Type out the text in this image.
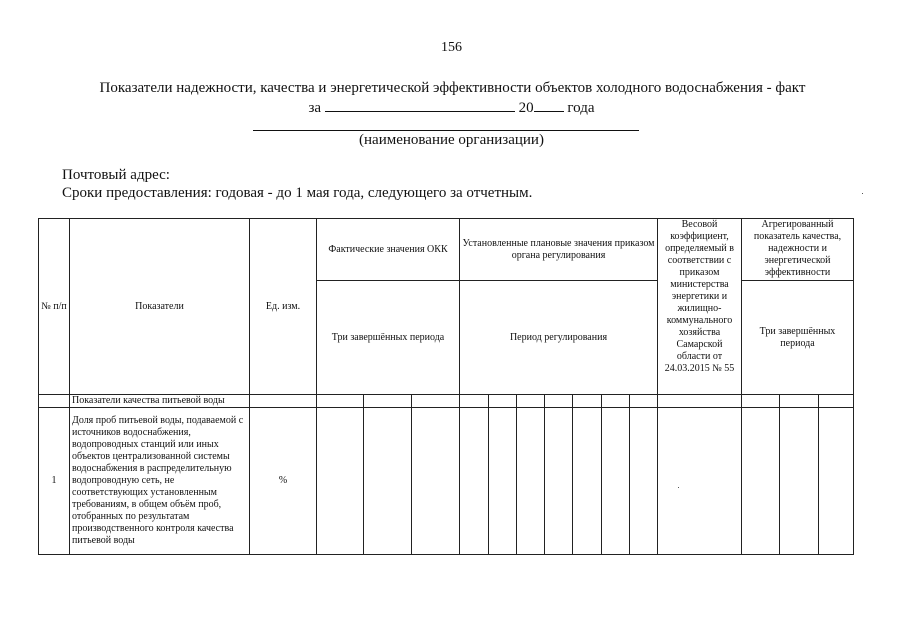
156
Показатели надежности, качества и энергетической эффективности объектов холодного водоснабжения - факт
за	20 года
(наименование организации)
Почтовый адрес:
Сроки предоставления: годовая - до 1 мая года, следующего за отчетным.
№ п/п	Показатели	Ед. изм.	Фактические значения ОКК			Установленные плановые значения приказом органа регулирования							Весовой коэффициент, определяемый в соответствии с приказом министерства энергетики и жилищно-коммунального хозяйства Самарской области от 24.03.2015 № 55	Агрегированный показатель качества, надежности и энергетической эффективности		
			Три завершённых периода			Период регулирования								Три завершённых периода		
	Показатели качества питьевой воды															
1	Доля проб питьевой воды, подаваемой с источников водоснабжения, водопроводных станций или иных объектов централизованной системы водоснабжения в распределительную водопроводную сеть, не соответствующих установленным требованиям, в общем объём проб, отобранных по результатам производственного контроля качества питьевой воды	%														
